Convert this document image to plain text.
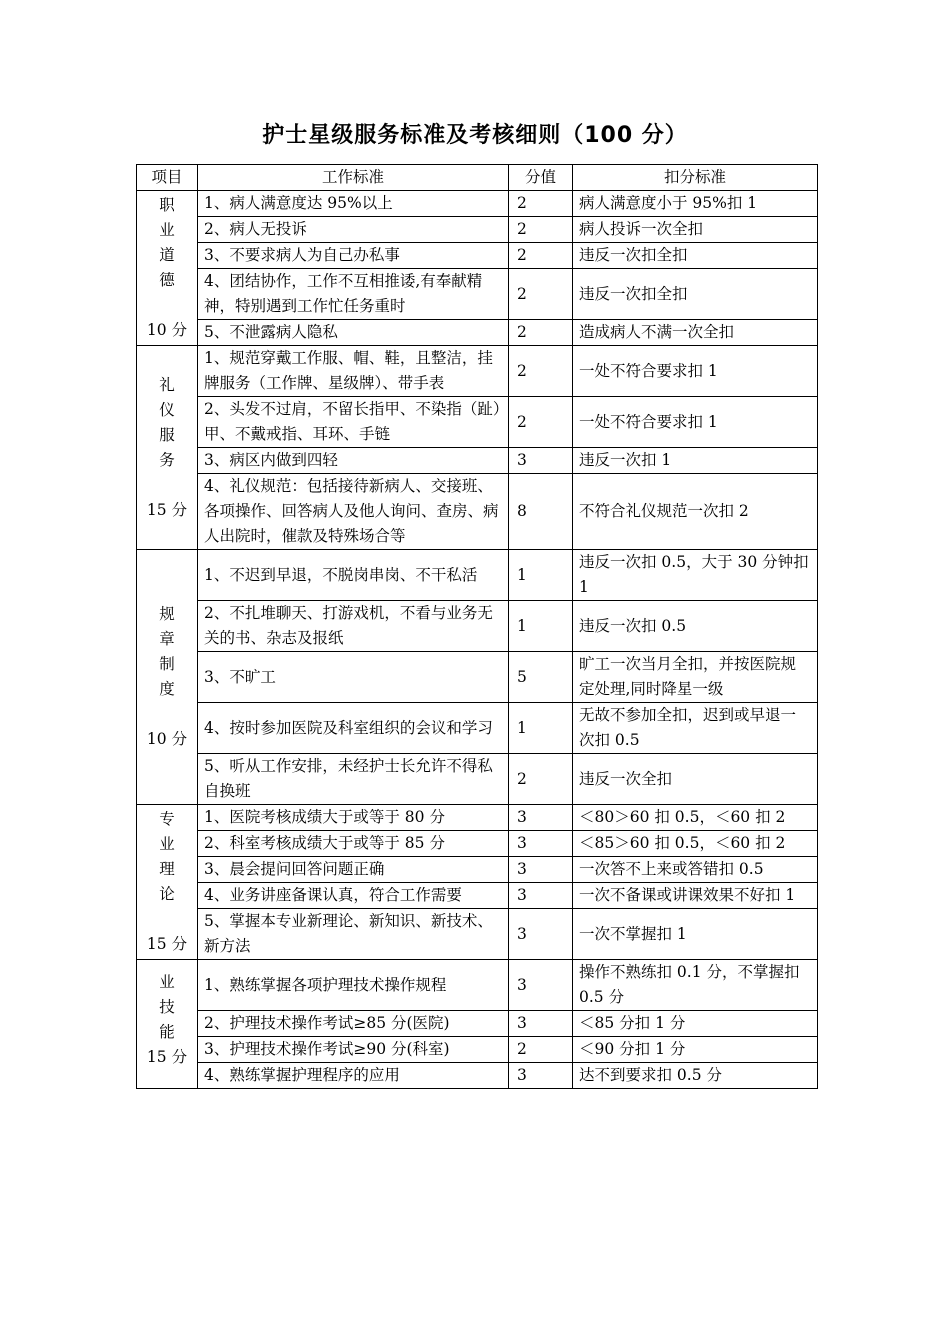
护士星级服务标准及考核细则（100 分）
项目	工作标准	分值	扣分标准

职
业
道
德
10 分	1、病人满意度达 95%以上	2	病人满意度小于 95%扣 1
	2、病人无投诉	2	病人投诉一次全扣
	3、不要求病人为自己办私事	2	违反一次扣全扣
	4、团结协作，工作不互相推诿,有奉献精神，特别遇到工作忙任务重时	2	违反一次扣全扣
	5、不泄露病人隐私	2	造成病人不满一次全扣

礼
仪
服
务
15 分	1、规范穿戴工作服、帽、鞋，且整洁，挂牌服务（工作牌、星级牌）、带手表	2	一处不符合要求扣 1
	2、头发不过肩，不留长指甲、不染指（趾）甲、不戴戒指、耳环、手链	2	一处不符合要求扣 1
	3、病区内做到四轻	3	违反一次扣 1
	4、礼仪规范：包括接待新病人、交接班、各项操作、回答病人及他人询问、查房、病人出院时，催款及特殊场合等	8	不符合礼仪规范一次扣 2

规
章
制
度
10 分	1、不迟到早退，不脱岗串岗、不干私活	1	违反一次扣 0.5，大于 30 分钟扣 1
	2、不扎堆聊天、打游戏机，不看与业务无关的书、杂志及报纸	1	违反一次扣 0.5
	3、不旷工	5	旷工一次当月全扣，并按医院规定处理,同时降星一级
	4、按时参加医院及科室组织的会议和学习	1	无故不参加全扣，迟到或早退一次扣 0.5
	5、听从工作安排，未经护士长允许不得私自换班	2	违反一次全扣

专
业
理
论
15 分	1、医院考核成绩大于或等于 80 分	3	＜80＞60 扣 0.5，＜60 扣 2
	2、科室考核成绩大于或等于 85 分	3	＜85＞60 扣 0.5，＜60 扣 2
	3、晨会提问回答问题正确	3	一次答不上来或答错扣 0.5
	4、业务讲座备课认真，符合工作需要	3	一次不备课或讲课效果不好扣 1
	5、掌握本专业新理论、新知识、新技术、新方法	3	一次不掌握扣 1

业
技
能
15 分	1、熟练掌握各项护理技术操作规程	3	操作不熟练扣 0.1 分，不掌握扣 0.5 分
	2、护理技术操作考试≥85 分(医院)	3	＜85 分扣 1 分
	3、护理技术操作考试≥90 分(科室)	2	＜90 分扣 1 分
	4、熟练掌握护理程序的应用	3	达不到要求扣 0.5 分
